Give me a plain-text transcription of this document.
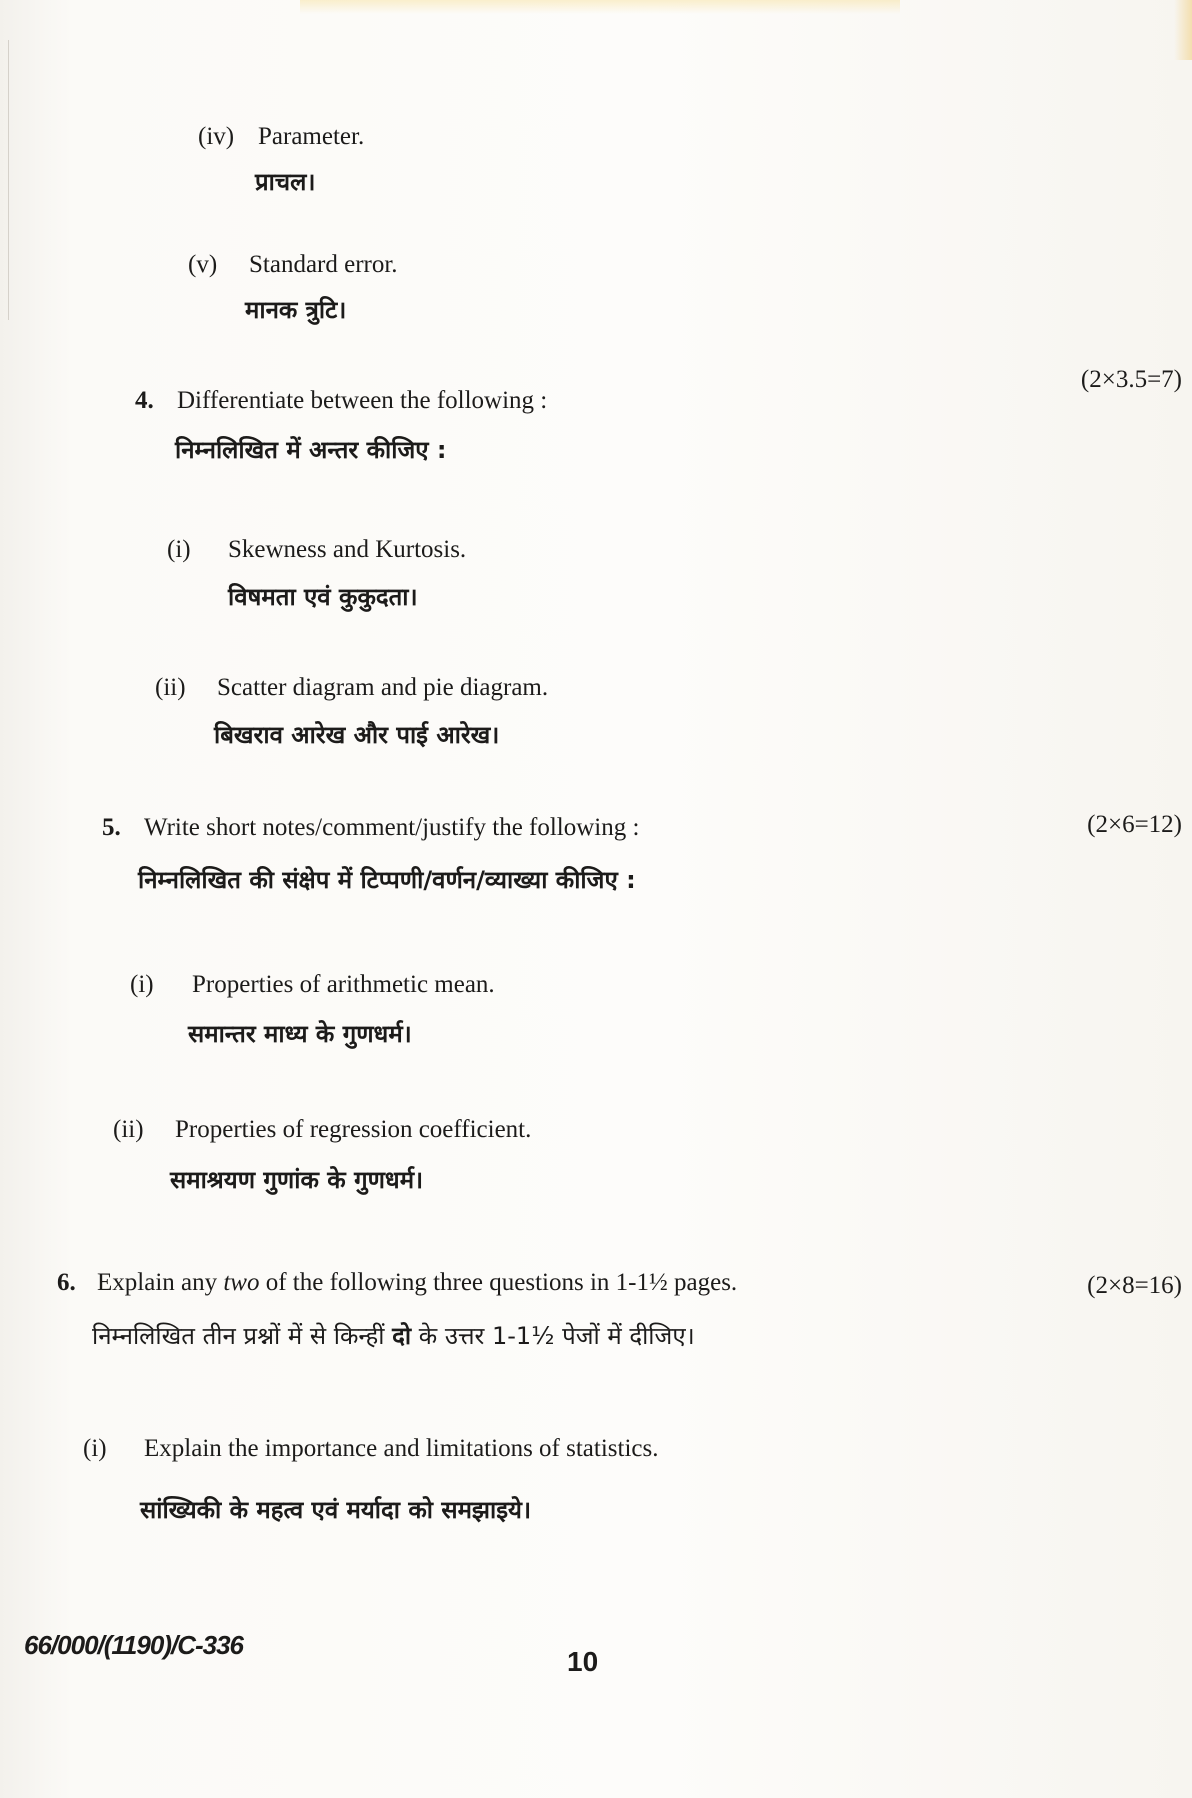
(iv) Parameter.
प्राचल।
(v) Standard error.
मानक त्रुटि।
4. Differentiate between the following :
(2×3.5=7)
निम्नलिखित में अन्तर कीजिए :
(i) Skewness and Kurtosis.
विषमता एवं कुकुदता।
(ii) Scatter diagram and pie diagram.
बिखराव आरेख और पाई आरेख।
5. Write short notes/comment/justify the following :	(2×6=12)
निम्नलिखित की संक्षेप में टिप्पणी/वर्णन/व्याख्या कीजिए :
(i) Properties of arithmetic mean.
समान्तर माध्य के गुणधर्म।
(ii) Properties of regression coefficient.
समाश्रयण गुणांक के गुणधर्म।
6. Explain any two of the following three questions in 1-1½ pages.	(2×8=16)
निम्नलिखित तीन प्रश्नों में से किन्हीं दो के उत्तर 1-1½ पेजों में दीजिए।
(i) Explain the importance and limitations of statistics.
सांख्यिकी के महत्व एवं मर्यादा को समझाइये।
66/000/(1190)/C-336
10
